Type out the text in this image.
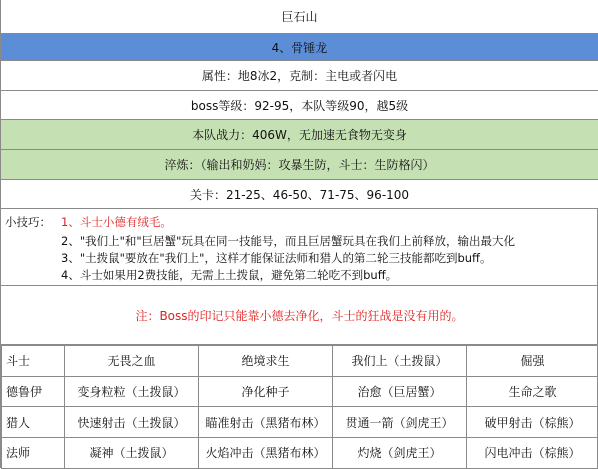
巨石山
4、骨锤龙
属性：地8冰2，克制：主电或者闪电
boss等级：92-95，本队等级90，越5级
本队战力：406W，无加速无食物无变身
淬炼：（输出和奶妈：攻暴生防，斗士：生防格闪）
关卡：21-25、46-50、71-75、96-100
小技巧： 1、斗士小德有绒毛。
2、"我们上"和"巨居蟹"玩具在同一技能号，而且巨居蟹玩具在我们上前释放，输出最大化
3、"土拨鼠"要放在"我们上"，这样才能保证法师和猎人的第二轮三技能都吃到buff。
4、斗士如果用2费技能，无需上土拨鼠，避免第二轮吃不到buff。
注：Boss的印记只能靠小德去净化，斗士的狂战是没有用的。
斗士	无畏之血	绝境求生	我们上（土拨鼠）	倔强
德鲁伊	变身粒粒（土拨鼠）	净化种子	治愈（巨居蟹）	生命之歌
猎人	快速射击（土拨鼠）	瞄准射击（黑猪布林）	贯通一箭（剑虎王）	破甲射击（棕熊）
法师	凝神（土拨鼠）	火焰冲击（黑猪布林）	灼烧（剑虎王）	闪电冲击（棕熊）
